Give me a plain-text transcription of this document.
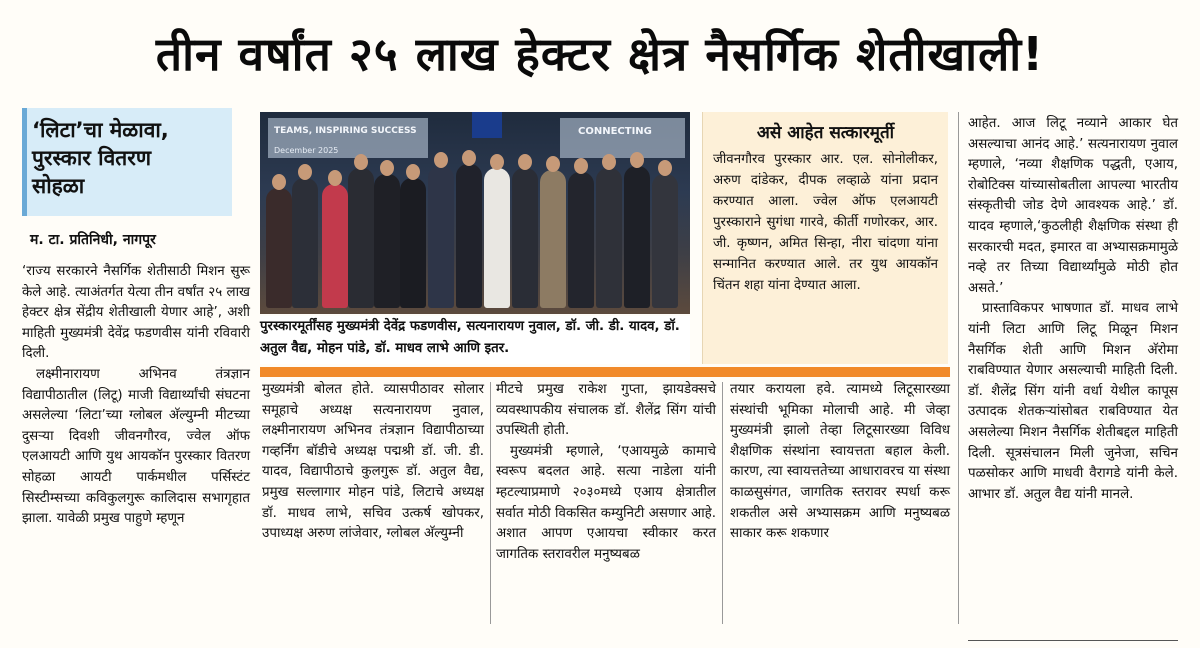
तीन वर्षांत २५ लाख हेक्टर क्षेत्र नैसर्गिक शेतीखाली!
‘लिटा’चा मेळावा,
पुरस्कार वितरण
सोहळा
म. टा. प्रतिनिधी, नागपूर

‘राज्य सरकारने नैसर्गिक शेतीसाठी मिशन सुरू केले आहे. त्याअंतर्गत येत्या तीन वर्षांत २५ लाख हेक्टर क्षेत्र सेंद्रीय शेतीखाली येणार आहे’, अशी माहिती मुख्यमंत्री देवेंद्र फडणवीस यांनी रविवारी दिली.

लक्ष्मीनारायण अभिनव तंत्रज्ञान विद्यापीठातील (लिटू) माजी विद्यार्थ्यांची संघटना असलेल्या ‘लिटा’च्या ग्लोबल अ‍ॅल्युम्नी मीटच्या दुसऱ्या दिवशी जीवनगौरव, ज्वेल ऑफ एलआयटी आणि युथ आयकॉन पुरस्कार वितरण सोहळा आयटी पार्कमधील पर्सिस्टंट सिस्टीम्सच्या कविकुलगुरू कालिदास सभागृहात झाला. यावेळी प्रमुख पाहुणे म्हणून

TEAMS, INSPIRING SUCCESS	CONNECTING
December 2025
पुरस्कारमूर्तींसह मुख्यमंत्री देवेंद्र फडणवीस, सत्यनारायण नुवाल, डॉ. जी. डी. यादव, डॉ. अतुल वैद्य, मोहन पांडे, डॉ. माधव लाभे आणि इतर.
असे आहेत सत्कारमूर्ती
जीवनगौरव पुरस्कार आर. एल. सोनोलीकर, अरुण दांडेकर, दीपक लव्हाळे यांना प्रदान करण्यात आला. ज्वेल ऑफ एलआयटी पुरस्काराने सुगंधा गारवे, कीर्ती गणोरकर, आर. जी. कृष्णन, अमित सिन्हा, नीरा चांदणा यांना सन्मानित करण्यात आले. तर युथ आयकॉन चिंतन शहा यांना देण्यात आला.

मुख्यमंत्री बोलत होते. व्यासपीठावर सोलार समूहाचे अध्यक्ष सत्यनारायण नुवाल, लक्ष्मीनारायण अभिनव तंत्रज्ञान विद्यापीठाच्या गव्हर्निंग बॉडीचे अध्यक्ष पद्मश्री डॉ. जी. डी. यादव, विद्यापीठाचे कुलगुरू डॉ. अतुल वैद्य, प्रमुख सल्लागार मोहन पांडे, लिटाचे अध्यक्ष डॉ. माधव लाभे, सचिव उत्कर्ष खोपकर, उपाध्यक्ष अरुण लांजेवार, ग्लोबल अ‍ॅल्युम्नी

मीटचे प्रमुख राकेश गुप्ता, झायडेक्सचे व्यवस्थापकीय संचालक डॉ. शैलेंद्र सिंग यांची उपस्थिती होती.

मुख्यमंत्री म्हणाले, ‘एआयमुळे कामाचे स्वरूप बदलत आहे. सत्या नाडेला यांनी म्हटल्याप्रमाणे २०३०मध्ये एआय क्षेत्रातील सर्वात मोठी विकसित कम्युनिटी असणार आहे. अशात आपण एआयचा स्वीकार करत जागतिक स्तरावरील मनुष्यबळ

तयार करायला हवे. त्यामध्ये लिटूसारख्या संस्थांची भूमिका मोलाची आहे. मी जेव्हा मुख्यमंत्री झालो तेव्हा लिटूसारख्या विविध शैक्षणिक संस्थांना स्वायत्तता बहाल केली. कारण, त्या स्वायत्ततेच्या आधारावरच या संस्था काळसुसंगत, जागतिक स्तरावर स्पर्धा करू शकतील असे अभ्यासक्रम आणि मनुष्यबळ साकार करू शकणार

आहेत. आज लिटू नव्याने आकार घेत असल्याचा आनंद आहे.’ सत्यनारायण नुवाल म्हणाले, ‘नव्या शैक्षणिक पद्धती, एआय, रोबोटिक्स यांच्यासोबतीला आपल्या भारतीय संस्कृतीची जोड देणे आवश्यक आहे.’ डॉ. यादव म्हणाले,‘कुठलीही शैक्षणिक संस्था ही सरकारची मदत, इमारत वा अभ्यासक्रमामुळे नव्हे तर तिच्या विद्यार्थ्यांमुळे मोठी होत असते.’

प्रास्ताविकपर भाषणात डॉ. माधव लाभे यांनी लिटा आणि लिटू मिळून मिशन नैसर्गिक शेती आणि मिशन अ‍ॅरोमा राबविण्यात येणार असल्याची माहिती दिली. डॉ. शैलेंद्र सिंग यांनी वर्धा येथील कापूस उत्पादक शेतकऱ्यांसोबत राबविण्यात येत असलेल्या मिशन नैसर्गिक शेतीबद्दल माहिती दिली. सूत्रसंचालन मिली जुनेजा, सचिन पळसोकर आणि माधवी वैरागडे यांनी केले. आभार डॉ. अतुल वैद्य यांनी मानले.
